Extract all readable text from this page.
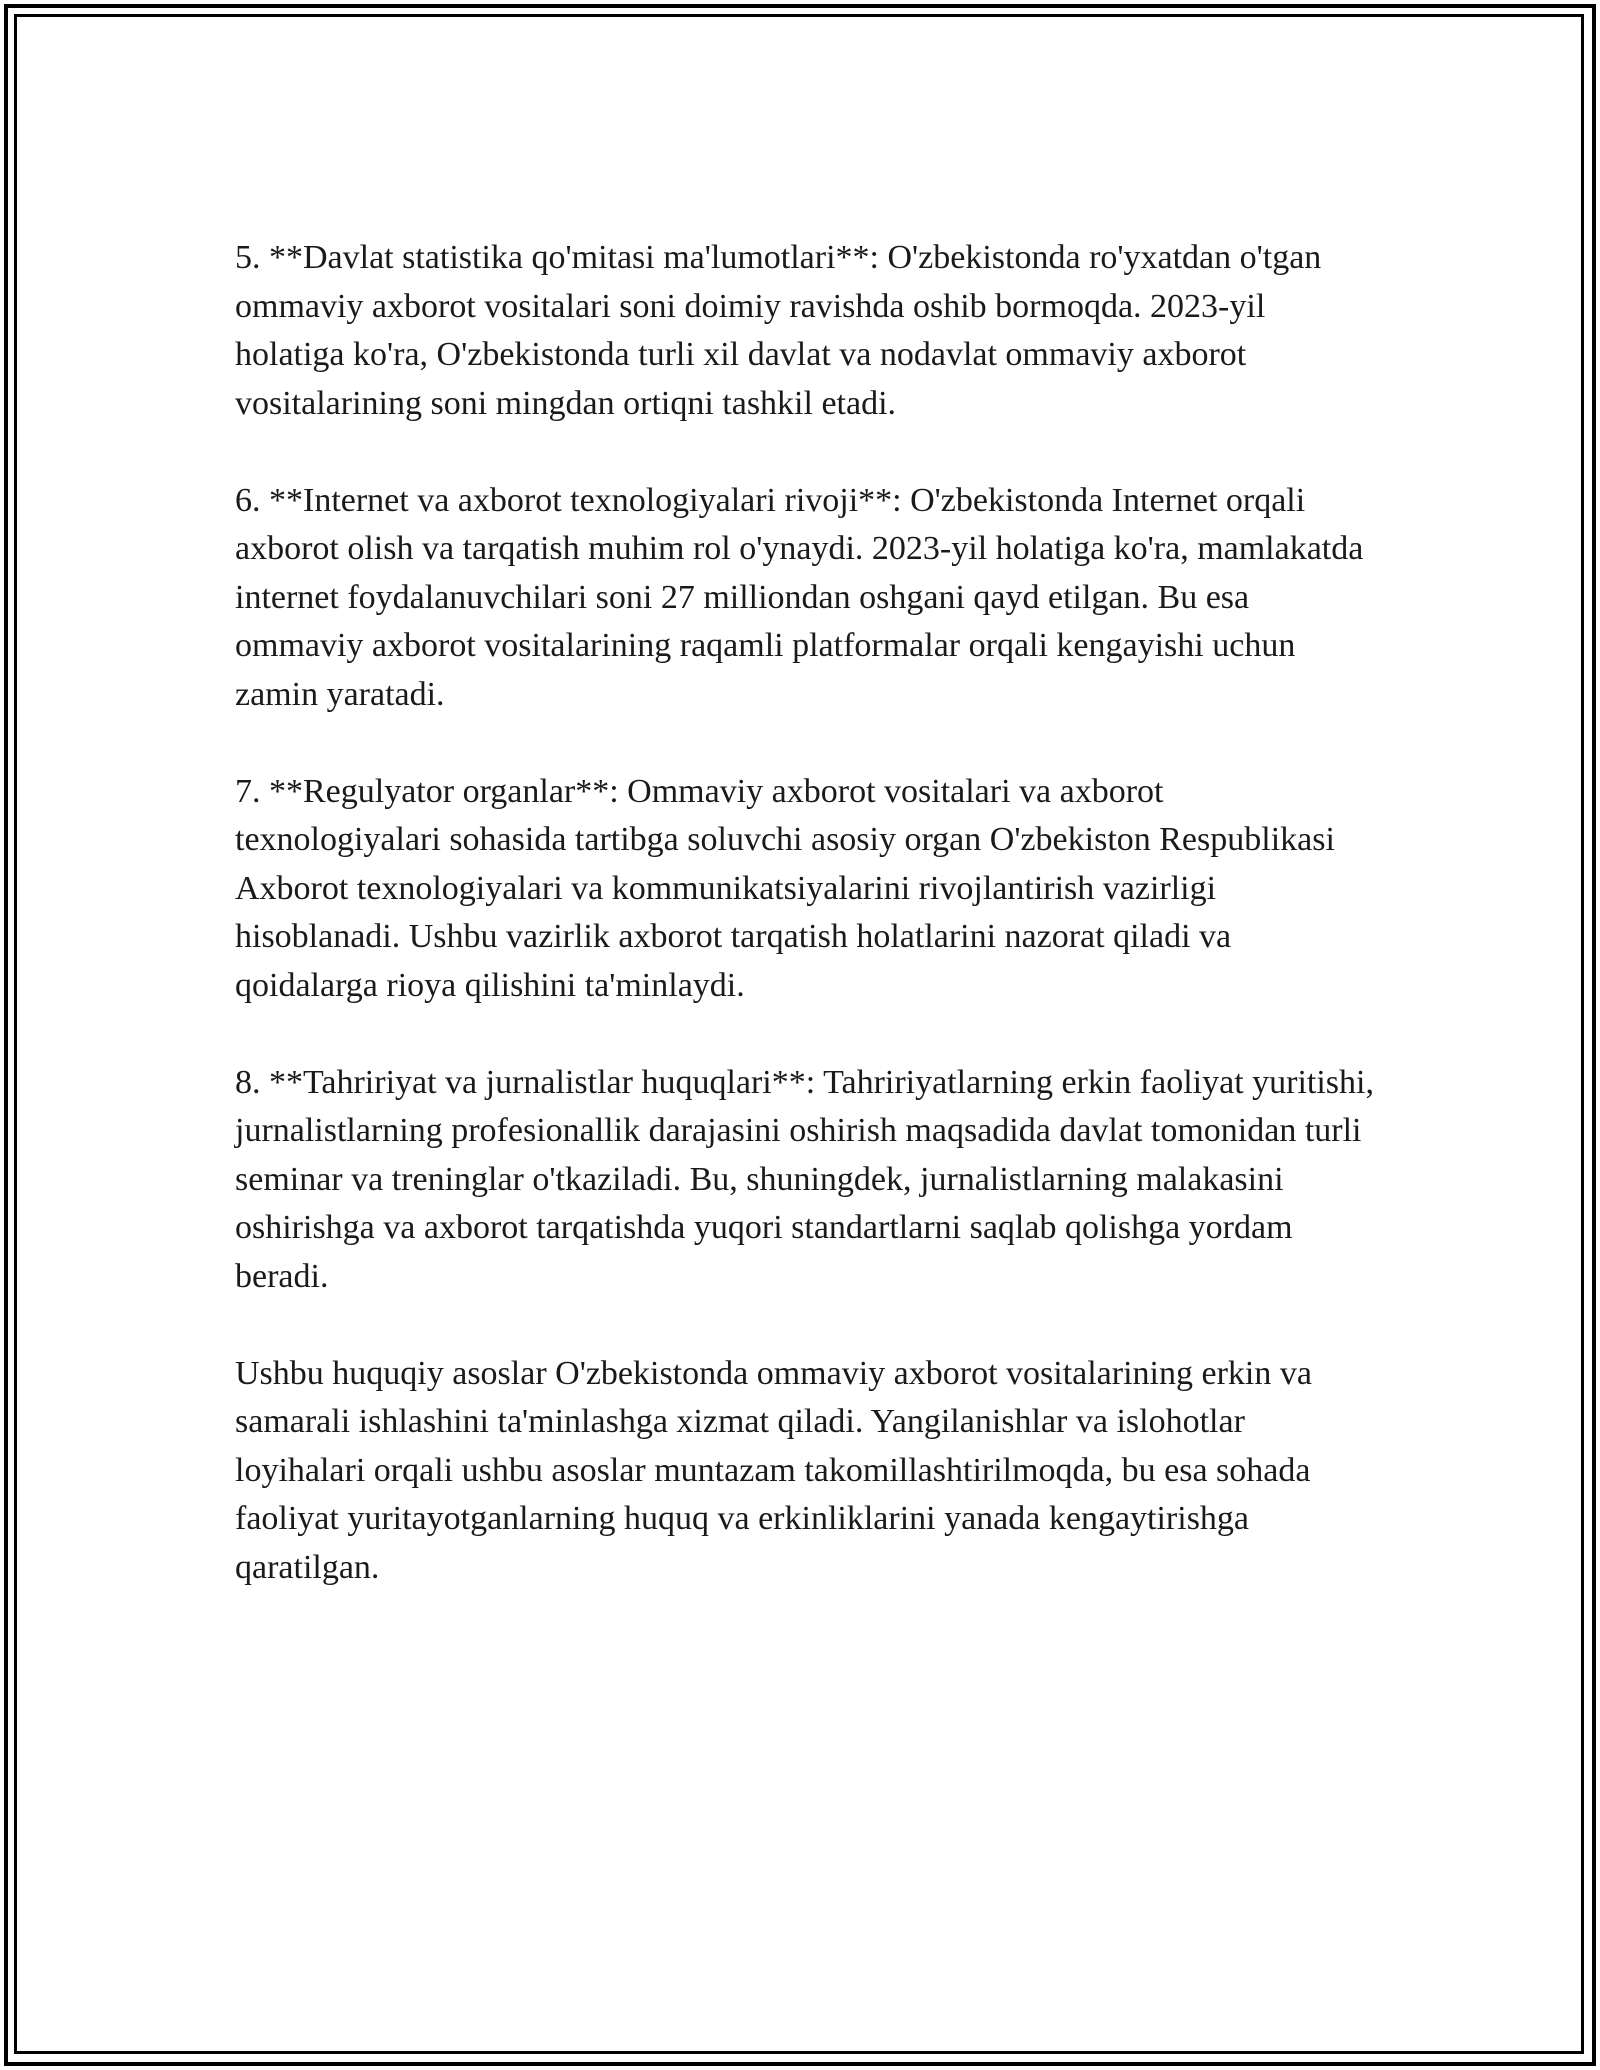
5. **Davlat statistika qo'mitasi ma'lumotlari**: O'zbekistonda ro'yxatdan o'tgan ommaviy axborot vositalari soni doimiy ravishda oshib bormoqda. 2023-yil holatiga ko'ra, O'zbekistonda turli xil davlat va nodavlat ommaviy axborot vositalarining soni mingdan ortiqni tashkil etadi.

6. **Internet va axborot texnologiyalari rivoji**: O'zbekistonda Internet orqali axborot olish va tarqatish muhim rol o'ynaydi. 2023-yil holatiga ko'ra, mamlakatda internet foydalanuvchilari soni 27 milliondan oshgani qayd etilgan. Bu esa ommaviy axborot vositalarining raqamli platformalar orqali kengayishi uchun zamin yaratadi.

7. **Regulyator organlar**: Ommaviy axborot vositalari va axborot texnologiyalari sohasida tartibga soluvchi asosiy organ O'zbekiston Respublikasi Axborot texnologiyalari va kommunikatsiyalarini rivojlantirish vazirligi hisoblanadi. Ushbu vazirlik axborot tarqatish holatlarini nazorat qiladi va qoidalarga rioya qilishini ta'minlaydi.

8. **Tahririyat va jurnalistlar huquqlari**: Tahririyatlarning erkin faoliyat yuritishi, jurnalistlarning profesionallik darajasini oshirish maqsadida davlat tomonidan turli seminar va treninglar o'tkaziladi. Bu, shuningdek, jurnalistlarning malakasini oshirishga va axborot tarqatishda yuqori standartlarni saqlab qolishga yordam beradi.

Ushbu huquqiy asoslar O'zbekistonda ommaviy axborot vositalarining erkin va samarali ishlashini ta'minlashga xizmat qiladi. Yangilanishlar va islohotlar loyihalari orqali ushbu asoslar muntazam takomillashtirilmoqda, bu esa sohada faoliyat yuritayotganlarning huquq va erkinliklarini yanada kengaytirishga qaratilgan.
